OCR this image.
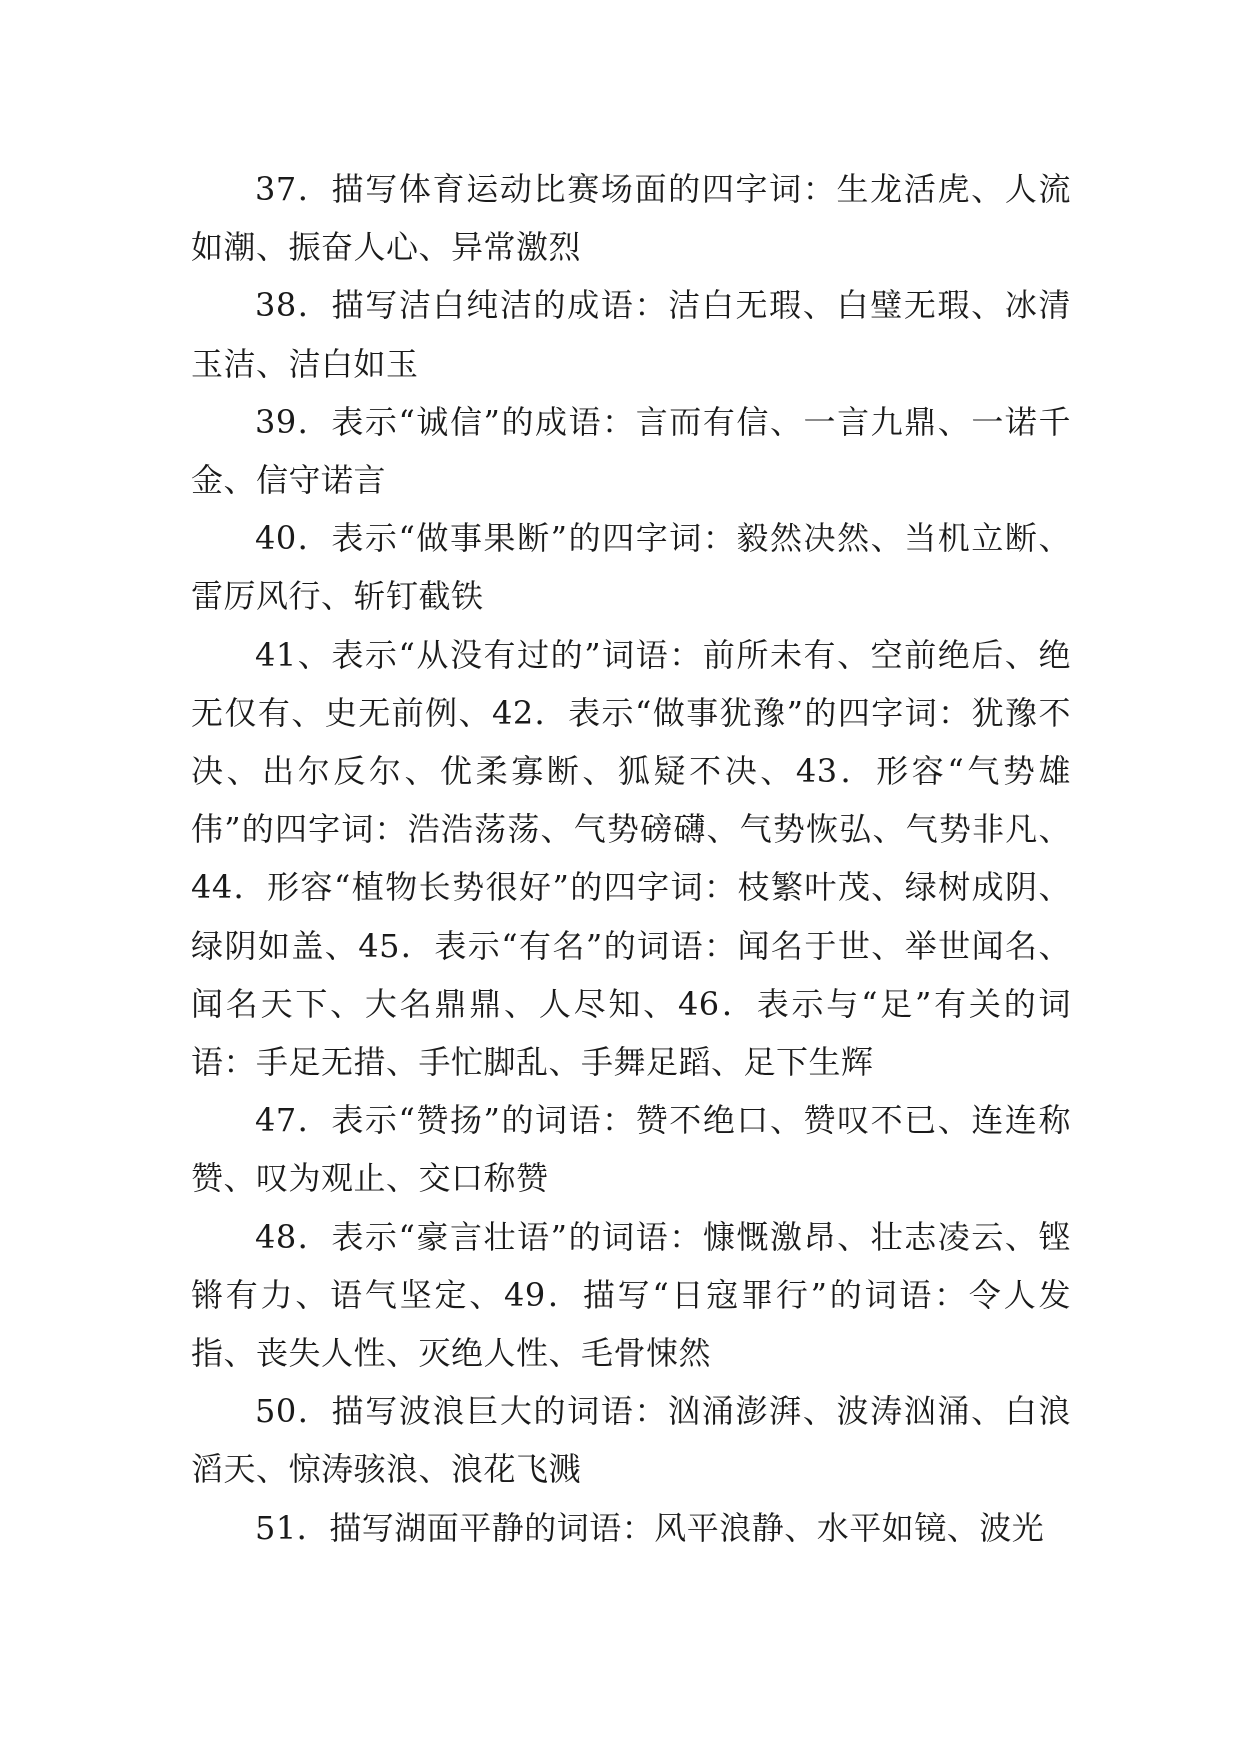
37．描写体育运动比赛场面的四字词：生龙活虎、人流如潮、振奋人心、异常激烈

38．描写洁白纯洁的成语：洁白无瑕、白璧无瑕、冰清玉洁、洁白如玉

39．表示“诚信”的成语：言而有信、一言九鼎、一诺千金、信守诺言

40．表示“做事果断”的四字词：毅然决然、当机立断、雷厉风行、斩钉截铁

41、表示“从没有过的”词语：前所未有、空前绝后、绝无仅有、史无前例、42．表示“做事犹豫”的四字词：犹豫不决、出尔反尔、优柔寡断、狐疑不决、43．形容“气势雄伟”的四字词：浩浩荡荡、气势磅礴、气势恢弘、气势非凡、44．形容“植物长势很好”的四字词：枝繁叶茂、绿树成阴、绿阴如盖、45．表示“有名”的词语：闻名于世、举世闻名、闻名天下、大名鼎鼎、人尽知、46．表示与“足”有关的词语：手足无措、手忙脚乱、手舞足蹈、足下生辉

47．表示“赞扬”的词语：赞不绝口、赞叹不已、连连称赞、叹为观止、交口称赞

48．表示“豪言壮语”的词语：慷慨激昂、壮志凌云、铿锵有力、语气坚定、49．描写“日寇罪行”的词语：令人发指、丧失人性、灭绝人性、毛骨悚然

50．描写波浪巨大的词语：汹涌澎湃、波涛汹涌、白浪滔天、惊涛骇浪、浪花飞溅

51．描写湖面平静的词语：风平浪静、水平如镜、波光
